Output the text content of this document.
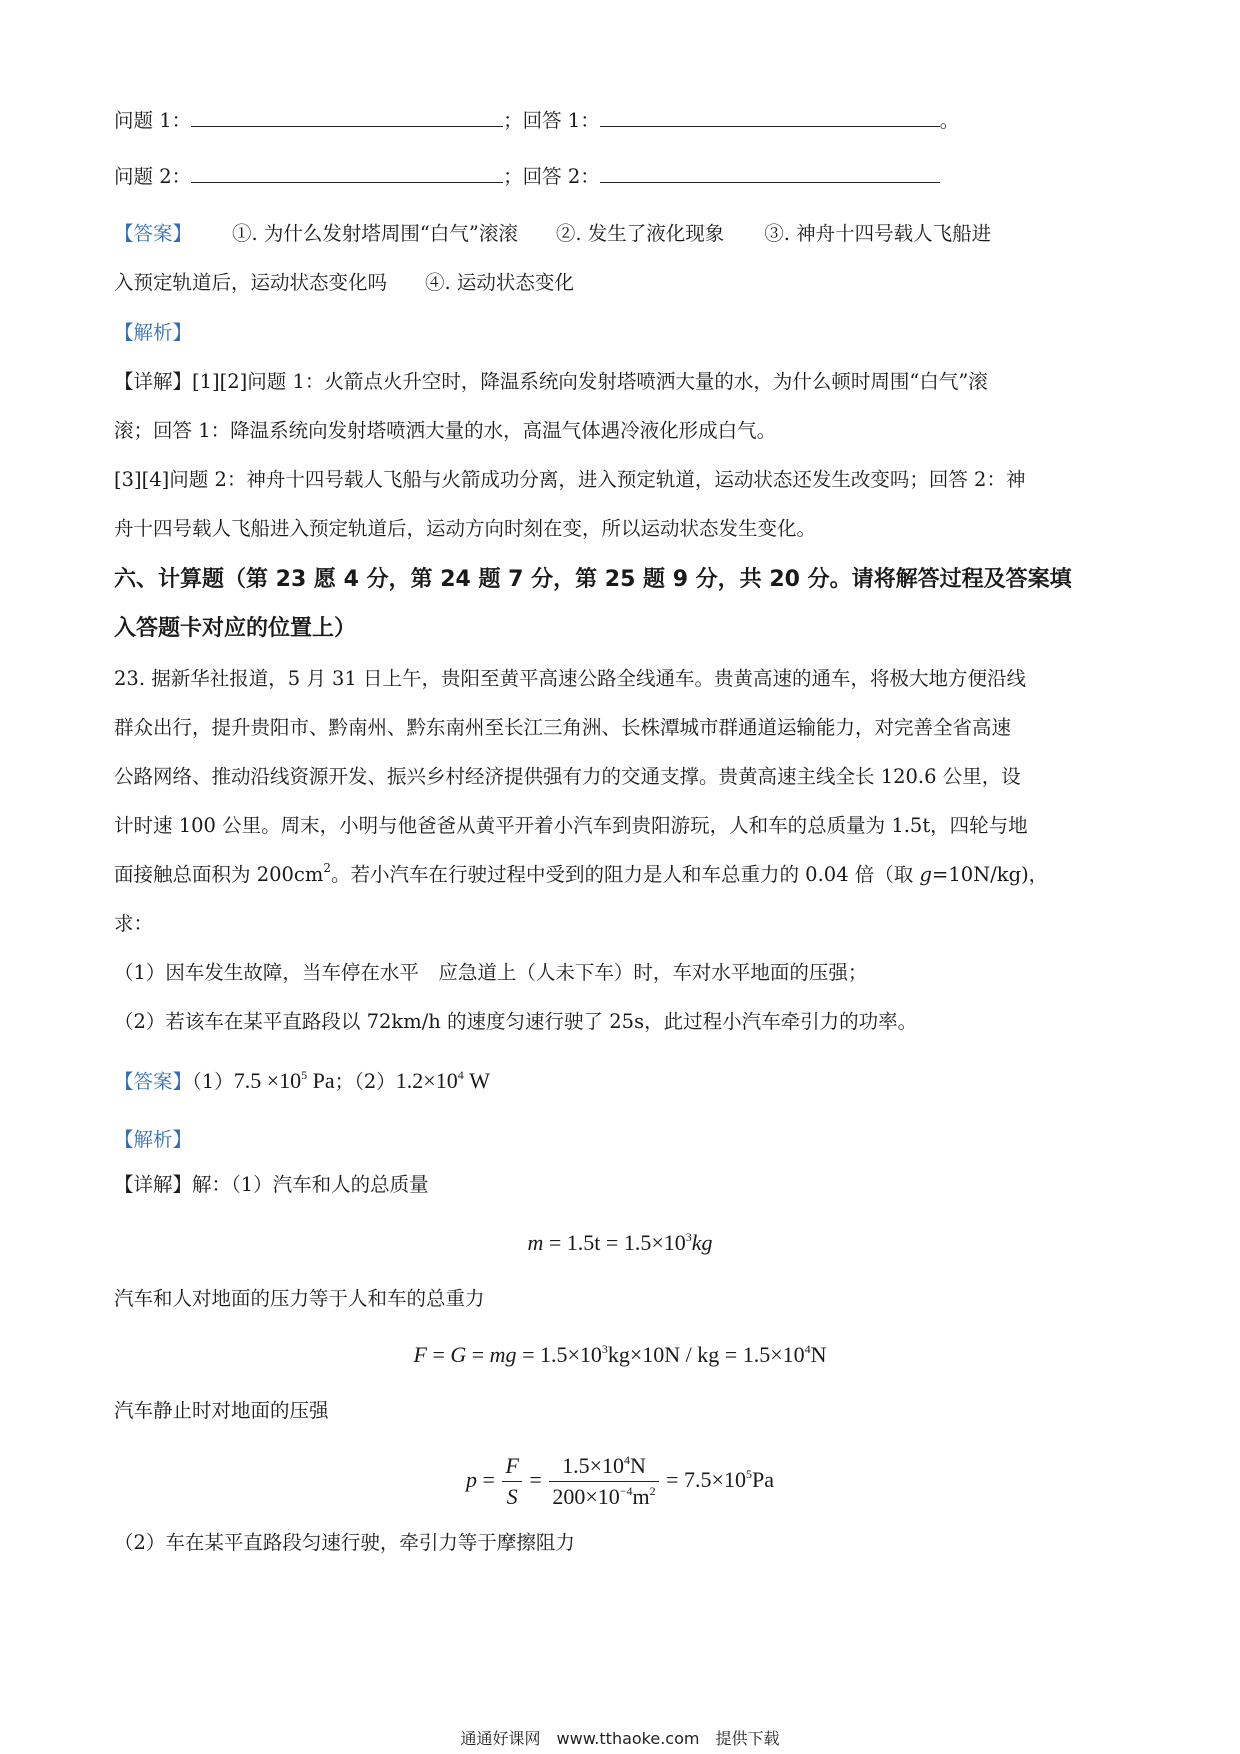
问题 1：	；回答 1：	。
问题 2：	；回答 2：
【答案】 ①. 为什么发射塔周围“白气”滚滚 ②. 发生了液化现象 ③. 神舟十四号载人飞船进
入预定轨道后，运动状态变化吗 ④. 运动状态变化
【解析】
【详解】[1][2]问题 1：火箭点火升空时，降温系统向发射塔喷洒大量的水，为什么顿时周围“白气”滚
滚；回答 1：降温系统向发射塔喷洒大量的水，高温气体遇冷液化形成白气。
[3][4]问题 2：神舟十四号载人飞船与火箭成功分离，进入预定轨道，运动状态还发生改变吗；回答 2：神
舟十四号载人飞船进入预定轨道后，运动方向时刻在变，所以运动状态发生变化。
六、计算题（第 23 愿 4 分，第 24 题 7 分，第 25 题 9 分，共 20 分。请将解答过程及答案填
入答题卡对应的位置上）
23. 据新华社报道，5 月 31 日上午，贵阳至黄平高速公路全线通车。贵黄高速的通车，将极大地方便沿线
群众出行，提升贵阳市、黔南州、黔东南州至长江三角洲、长株潭城市群通道运输能力，对完善全省高速
公路网络、推动沿线资源开发、振兴乡村经济提供强有力的交通支撑。贵黄高速主线全长 120.6 公里，设
计时速 100 公里。周末，小明与他爸爸从黄平开着小汽车到贵阳游玩，人和车的总质量为 1.5t，四轮与地
面接触总面积为 $200cm^2$。若小汽车在行驶过程中受到的阻力是人和车总重力的 0.04 倍（取 g=10N/kg)，
求：
（1）因车发生故障，当车停在水平　应急道上（人未下车）时，车对水平地面的压强；
（2）若该车在某平直路段以 72km/h 的速度匀速行驶了 25s，此过程小汽车牵引力的功率。
【答案】$(1)7.5 \times 10^5$ Pa；$(2)1.2\times 10^4$ W
【解析】
【详解】解：（1）汽车和人的总质量
$m = 1.5t = 1.5\times 10^3kg$
汽车和人对地面的压力等于人和车的总重力
F = G = mg = $1.5\times 10^3kg\times 10N$ / kg = $1.5\times 10^4N$
汽车静止时对地面的压强
$p = \frac{F}{S} = \frac{1.5\times 10^4N}{200\times 10^{-4}m^2} = 7.5\times 10^5Pa$
（2）车在某平直路段匀速行驶，牵引力等于摩擦阻力
通通好课网　www.tthaoke.com　提供下载
